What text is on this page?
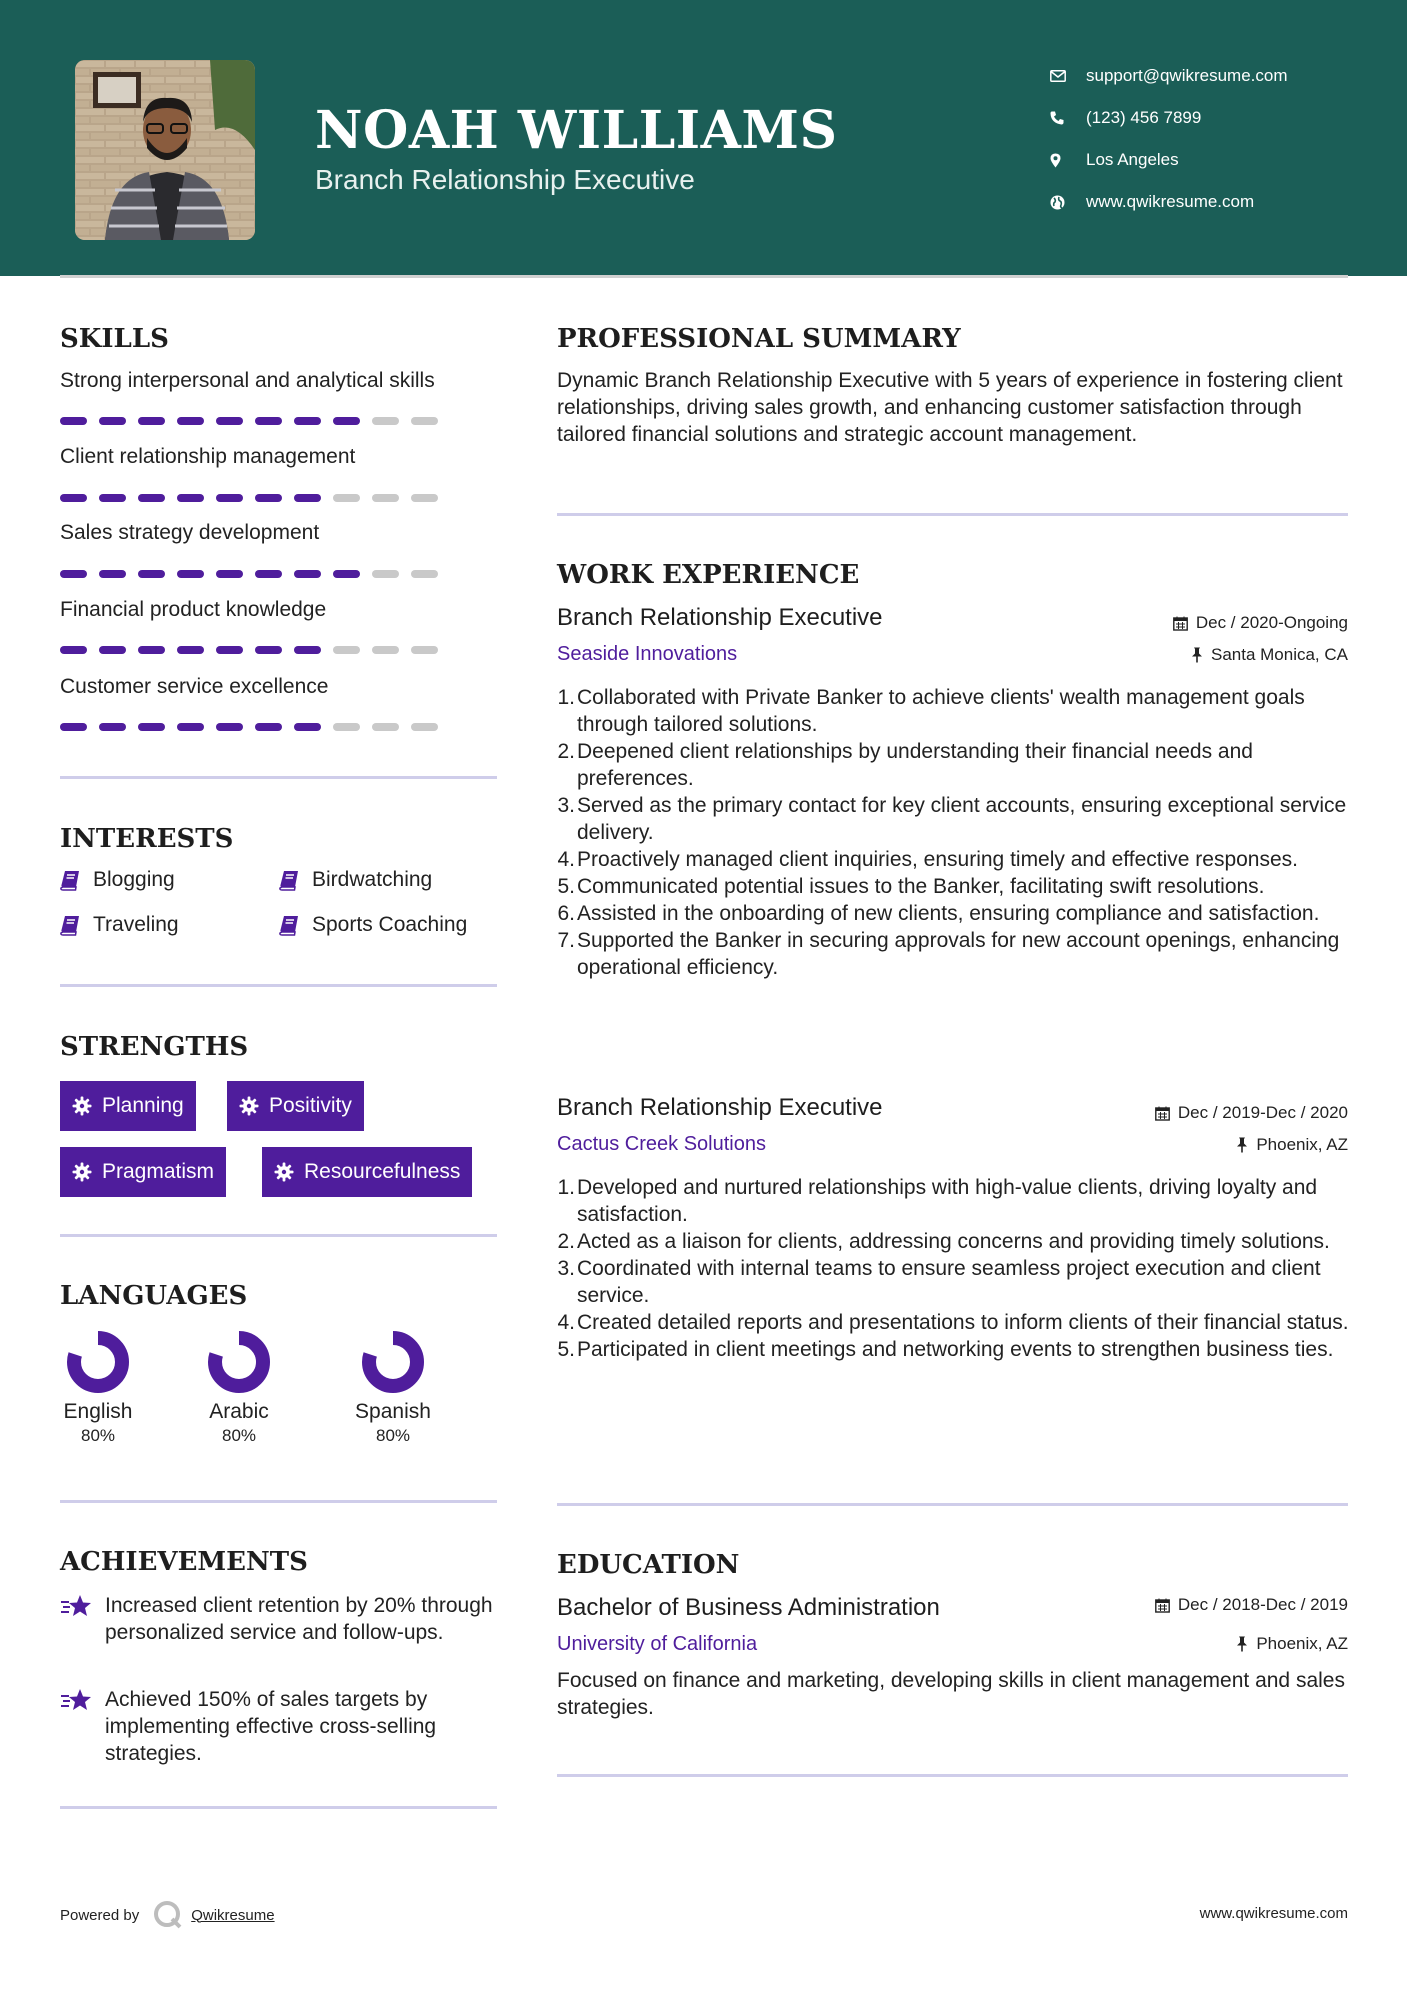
NOAH WILLIAMS
Branch Relationship Executive
support@qwikresume.com
(123) 456 7899
Los Angeles
www.qwikresume.com
SKILLS
Strong interpersonal and analytical skills
Client relationship management
Sales strategy development
Financial product knowledge
Customer service excellence
INTERESTS
Blogging	Birdwatching
Traveling	Sports Coaching
STRENGTHS
Planning	Positivity
Pragmatism	Resourcefulness
LANGUAGES
English
80%
Arabic
80%
Spanish
80%
ACHIEVEMENTS
Increased client retention by 20% through personalized service and follow-ups.
Achieved 150% of sales targets by implementing effective cross-selling strategies.
PROFESSIONAL SUMMARY
Dynamic Branch Relationship Executive with 5 years of experience in fostering client relationships, driving sales growth, and enhancing customer satisfaction through tailored financial solutions and strategic account management.
WORK EXPERIENCE
Branch Relationship Executive	Dec / 2020-Ongoing
Seaside Innovations	Santa Monica, CA
1. Collaborated with Private Banker to achieve clients' wealth management goals through tailored solutions.
2. Deepened client relationships by understanding their financial needs and preferences.
3. Served as the primary contact for key client accounts, ensuring exceptional service delivery.
4. Proactively managed client inquiries, ensuring timely and effective responses.
5. Communicated potential issues to the Banker, facilitating swift resolutions.
6. Assisted in the onboarding of new clients, ensuring compliance and satisfaction.
7. Supported the Banker in securing approvals for new account openings, enhancing operational efficiency.
Branch Relationship Executive	Dec / 2019-Dec / 2020
Cactus Creek Solutions	Phoenix, AZ
1. Developed and nurtured relationships with high-value clients, driving loyalty and satisfaction.
2. Acted as a liaison for clients, addressing concerns and providing timely solutions.
3. Coordinated with internal teams to ensure seamless project execution and client service.
4. Created detailed reports and presentations to inform clients of their financial status.
5. Participated in client meetings and networking events to strengthen business ties.
EDUCATION
Bachelor of Business Administration	Dec / 2018-Dec / 2019
University of California	Phoenix, AZ
Focused on finance and marketing, developing skills in client management and sales strategies.
Powered by	Qwikresume	www.qwikresume.com
